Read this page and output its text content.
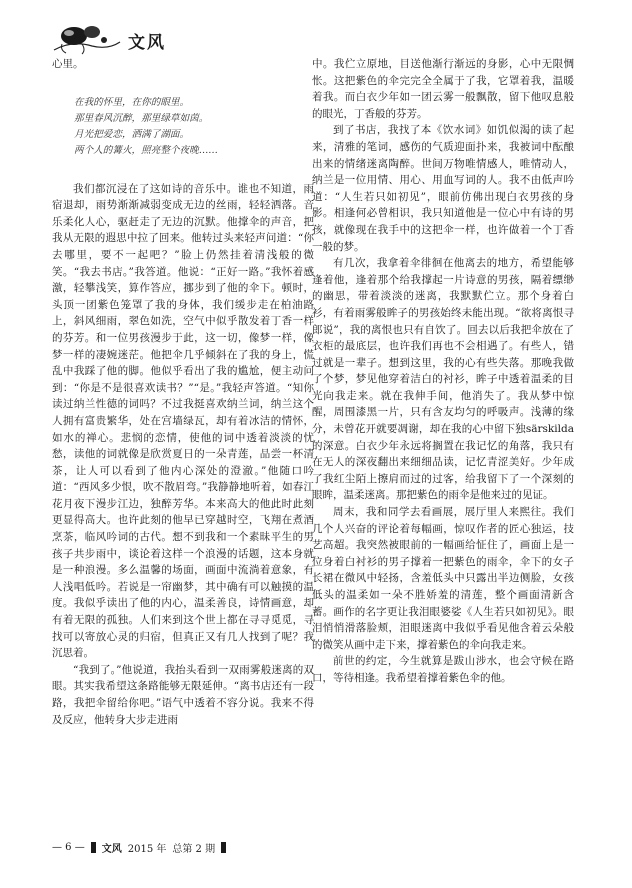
文风

心里。

在我的怀里，在你的眼里。
那里春风沉醉，那里绿草如茵。
月光把爱恋，洒满了湖面。
两个人的篝火，照亮整个夜晚……

我们都沉浸在了这如诗的音乐中。谁也不知道，雨宿退却，雨势渐渐减弱变成无边的丝雨，轻轻洒落。音乐柔化人心，驱赶走了无边的沉默。他撑伞的声音，把我从无限的遐思中拉了回来。他转过头来轻声问道：“你去哪里，要不一起吧？”脸上仍然挂着清浅般的微笑。“我去书店。”我答道。他说：“正好一路。”我怀着感激，轻攀浅笑，算作答应，挪步到了他的伞下。顿时，头顶一团紫色笼罩了我的身体，我们缓步走在柏油路上，斜风细雨，翠色如洗，空气中似乎散发着丁香一样的芬芳。和一位男孩漫步于此，这一切，像梦一样，像梦一样的凄婉迷茫。他把伞几乎倾斜在了我的身上，慌乱中我踩了他的脚。他似乎看出了我的尴尬，便主动问到：“你是不是很喜欢读书？”“是。”我轻声答道。“知你读过纳兰性德的词吗？不过我挺喜欢纳兰词，纳兰这个人拥有富贵繁华，处在宫墙绿瓦，却有着冰洁的情怀，如水的禅心。悲悯的恋情，使他的词中透着淡淡的忧愁，读他的词就像是欣赏夏日的一朵青莲，品尝一杯清茶，让人可以看到了他内心深处的澄澈。”他随口吟道：“西风多少恨，吹不散眉弯。”我静静地听着，如春江花月夜下漫步江边，独醉芳华。本来高大的他此时此刻更显得高大。也许此刻的他早已穿越时空，飞翔在煮酒烹茶，临风吟词的古代。想不到我和一个素昧平生的男孩子共步雨中，谈论着这样一个浪漫的话题，这本身就是一种浪漫。多么温馨的场面，画面中流淌着意象，有人浅唱低吟。若说是一帘幽梦，其中确有可以触摸的温度。我似乎读出了他的内心，温柔善良，诗情画意，却有着无限的孤独。人们来到这个世上都在寻寻觅觅，寻找可以寄放心灵的归宿，但真正又有几人找到了呢？我沉思着。

“我到了。”他说道，我抬头看到一双雨雾般迷离的双眼。其实我希望这条路能够无限延伸。“离书店还有一段路，我把伞留给你吧。”语气中透着不容分说。我来不得及反应，他转身大步走进雨

中。我伫立原地，目送他渐行渐远的身影，心中无限惆怅。这把紫色的伞完完全全属于了我，它罩着我，温暖着我。而白衣少年如一团云雾一般飘散，留下他叹息般的眼光，丁香般的芬芳。

到了书店，我找了本《饮水词》如饥似渴的读了起来，清雅的笔词，感伤的气质迎面扑来，我被词中酝酿出来的情绪迷离陶醉。世间万物唯情感人，唯情动人，纳兰是一位用情、用心、用血写词的人。我不由低声吟道：“人生若只如初见”，眼前仿佛出现白衣男孩的身影。相逢何必曾相识，我只知道他是一位心中有诗的男孩，就像现在我手中的这把伞一样，也许做着一个丁香一般的梦。

有几次，我拿着伞徘徊在他离去的地方，希望能够逢着他，逢着那个给我撑起一片诗意的男孩，隔着缥缈的幽思，带着淡淡的迷离，我默默伫立。那个身着白衫，有着雨雾般眸子的男孩始终未能出现。“欲将离恨寻郎说”，我的离恨也只有自饮了。回去以后我把伞放在了衣柜的最底层，也许我们再也不会相遇了。有些人，错过就是一辈子。想到这里，我的心有些失落。那晚我做了个梦，梦见他穿着洁白的衬衫，眸子中透着温柔的目光向我走来。就在我伸手间，他消失了。我从梦中惊醒，周围漆黑一片，只有含友均匀的呼吸声。浅薄的缘分，未曾花开就要凋谢，却在我的心中留下独särskilda的深意。白衣少年永远将搁置在我记忆的角落，我只有在无人的深夜翻出来细细品读，记忆青涩美好。少年成了我红尘陌上擦肩而过的过客，给我留下了一个深刻的眼眸，温柔迷离。那把紫色的雨伞是他来过的见证。

周末，我和同学去看画展，展厅里人来熙往。我们几个人兴奋的评论着每幅画，惊叹作者的匠心独运，技艺高超。我突然被眼前的一幅画给怔住了，画面上是一位身着白衬衫的男子撑着一把紫色的雨伞，伞下的女子长裙在微风中轻扬，含羞低头中只露出半边侧脸，女孩低头的温柔如一朵不胜娇羞的清莲，整个画面清新含蓄。画作的名字更让我泪眼婆娑《人生若只如初见》。眼泪悄悄滑落脸颊，泪眼迷离中我似乎看见他含着云朵般的微笑从画中走下来，撑着紫色的伞向我走来。

前世的约定，今生就算是跋山涉水，也会守候在路口，等待相逢。我希望着撑着紫色伞的他。

— 6 — 文风 2015 年 总第 2 期
